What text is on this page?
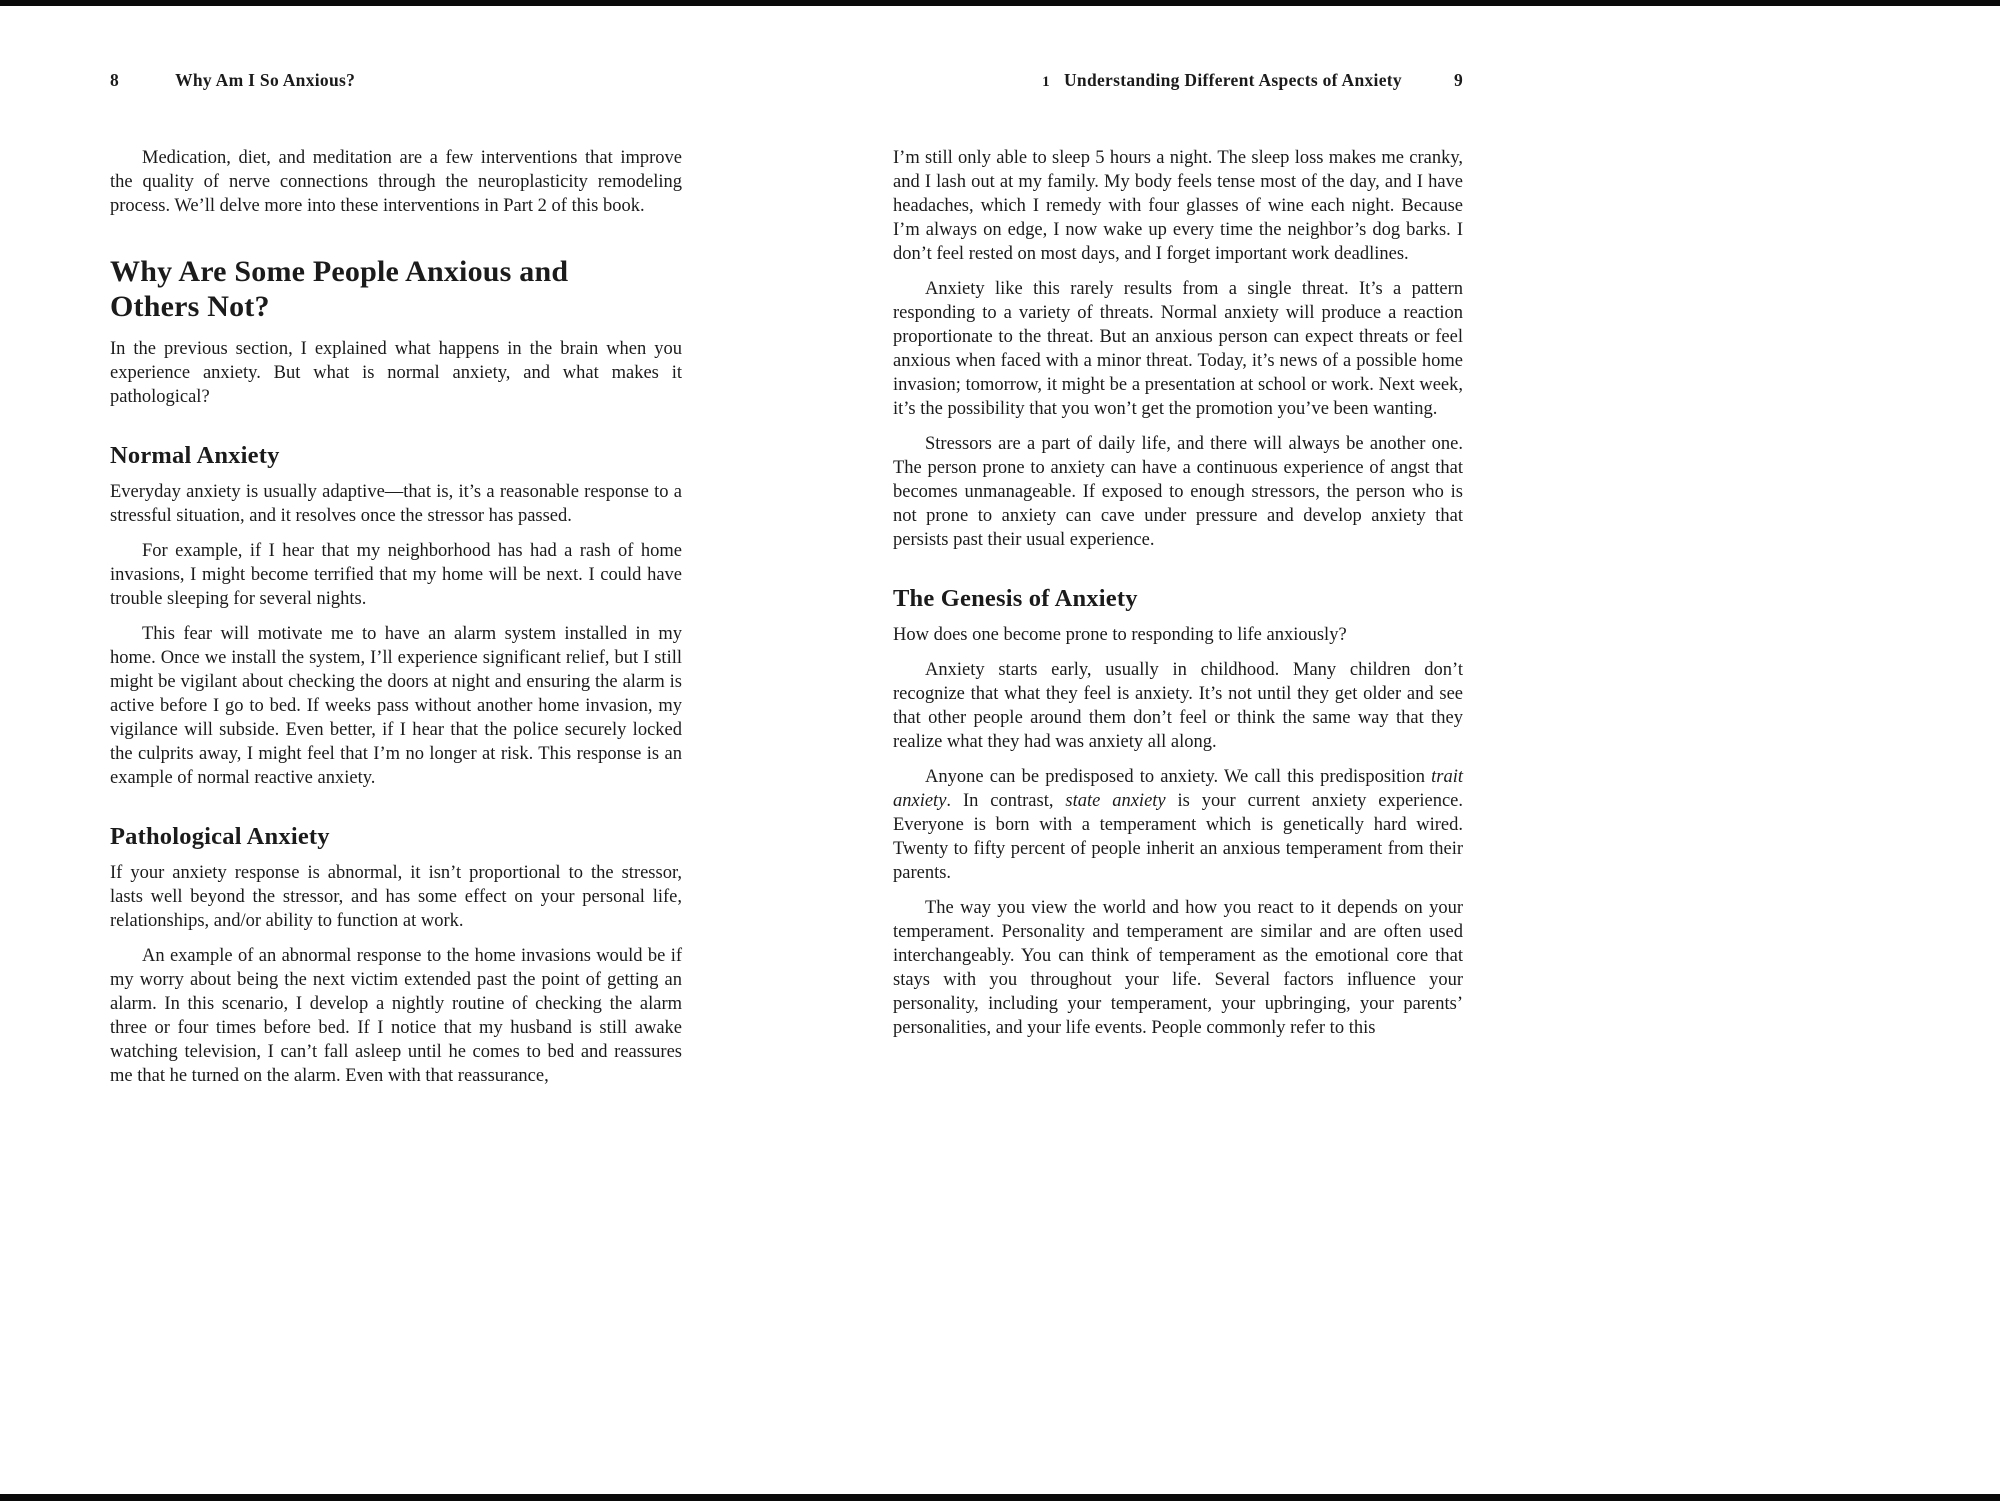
8	Why Am I So Anxious?	1 Understanding Different Aspects of Anxiety	9

Medication, diet, and meditation are a few interventions that improve the quality of nerve connections through the neuroplasticity remodeling process. We’ll delve more into these interventions in Part 2 of this book.

Why Are Some People Anxious and
Others Not?

In the previous section, I explained what happens in the brain when you experience anxiety. But what is normal anxiety, and what makes it pathological?

Normal Anxiety

Everyday anxiety is usually adaptive—that is, it’s a reasonable response to a stressful situation, and it resolves once the stressor has passed.

For example, if I hear that my neighborhood has had a rash of home invasions, I might become terrified that my home will be next. I could have trouble sleeping for several nights.

This fear will motivate me to have an alarm system installed in my home. Once we install the system, I’ll experience significant relief, but I still might be vigilant about checking the doors at night and ensuring the alarm is active before I go to bed. If weeks pass without another home invasion, my vigilance will subside. Even better, if I hear that the police securely locked the culprits away, I might feel that I’m no longer at risk. This response is an example of normal reactive anxiety.

Pathological Anxiety

If your anxiety response is abnormal, it isn’t proportional to the stressor, lasts well beyond the stressor, and has some effect on your personal life, relationships, and/or ability to function at work.

An example of an abnormal response to the home invasions would be if my worry about being the next victim extended past the point of getting an alarm. In this scenario, I develop a nightly routine of checking the alarm three or four times before bed. If I notice that my husband is still awake watching television, I can’t fall asleep until he comes to bed and reassures me that he turned on the alarm. Even with that reassurance,

I’m still only able to sleep 5 hours a night. The sleep loss makes me cranky, and I lash out at my family. My body feels tense most of the day, and I have headaches, which I remedy with four glasses of wine each night. Because I’m always on edge, I now wake up every time the neighbor’s dog barks. I don’t feel rested on most days, and I forget important work deadlines.

Anxiety like this rarely results from a single threat. It’s a pattern responding to a variety of threats. Normal anxiety will produce a reaction proportionate to the threat. But an anxious person can expect threats or feel anxious when faced with a minor threat. Today, it’s news of a possible home invasion; tomorrow, it might be a presentation at school or work. Next week, it’s the possibility that you won’t get the promotion you’ve been wanting.

Stressors are a part of daily life, and there will always be another one. The person prone to anxiety can have a continuous experience of angst that becomes unmanageable. If exposed to enough stressors, the person who is not prone to anxiety can cave under pressure and develop anxiety that persists past their usual experience.

The Genesis of Anxiety

How does one become prone to responding to life anxiously?

Anxiety starts early, usually in childhood. Many children don’t recognize that what they feel is anxiety. It’s not until they get older and see that other people around them don’t feel or think the same way that they realize what they had was anxiety all along.

Anyone can be predisposed to anxiety. We call this predisposition trait anxiety. In contrast, state anxiety is your current anxiety experience. Everyone is born with a temperament which is genetically hard wired. Twenty to fifty percent of people inherit an anxious temperament from their parents.

The way you view the world and how you react to it depends on your temperament. Personality and temperament are similar and are often used interchangeably. You can think of temperament as the emotional core that stays with you throughout your life. Several factors influence your personality, including your temperament, your upbringing, your parents’ personalities, and your life events. People commonly refer to this
